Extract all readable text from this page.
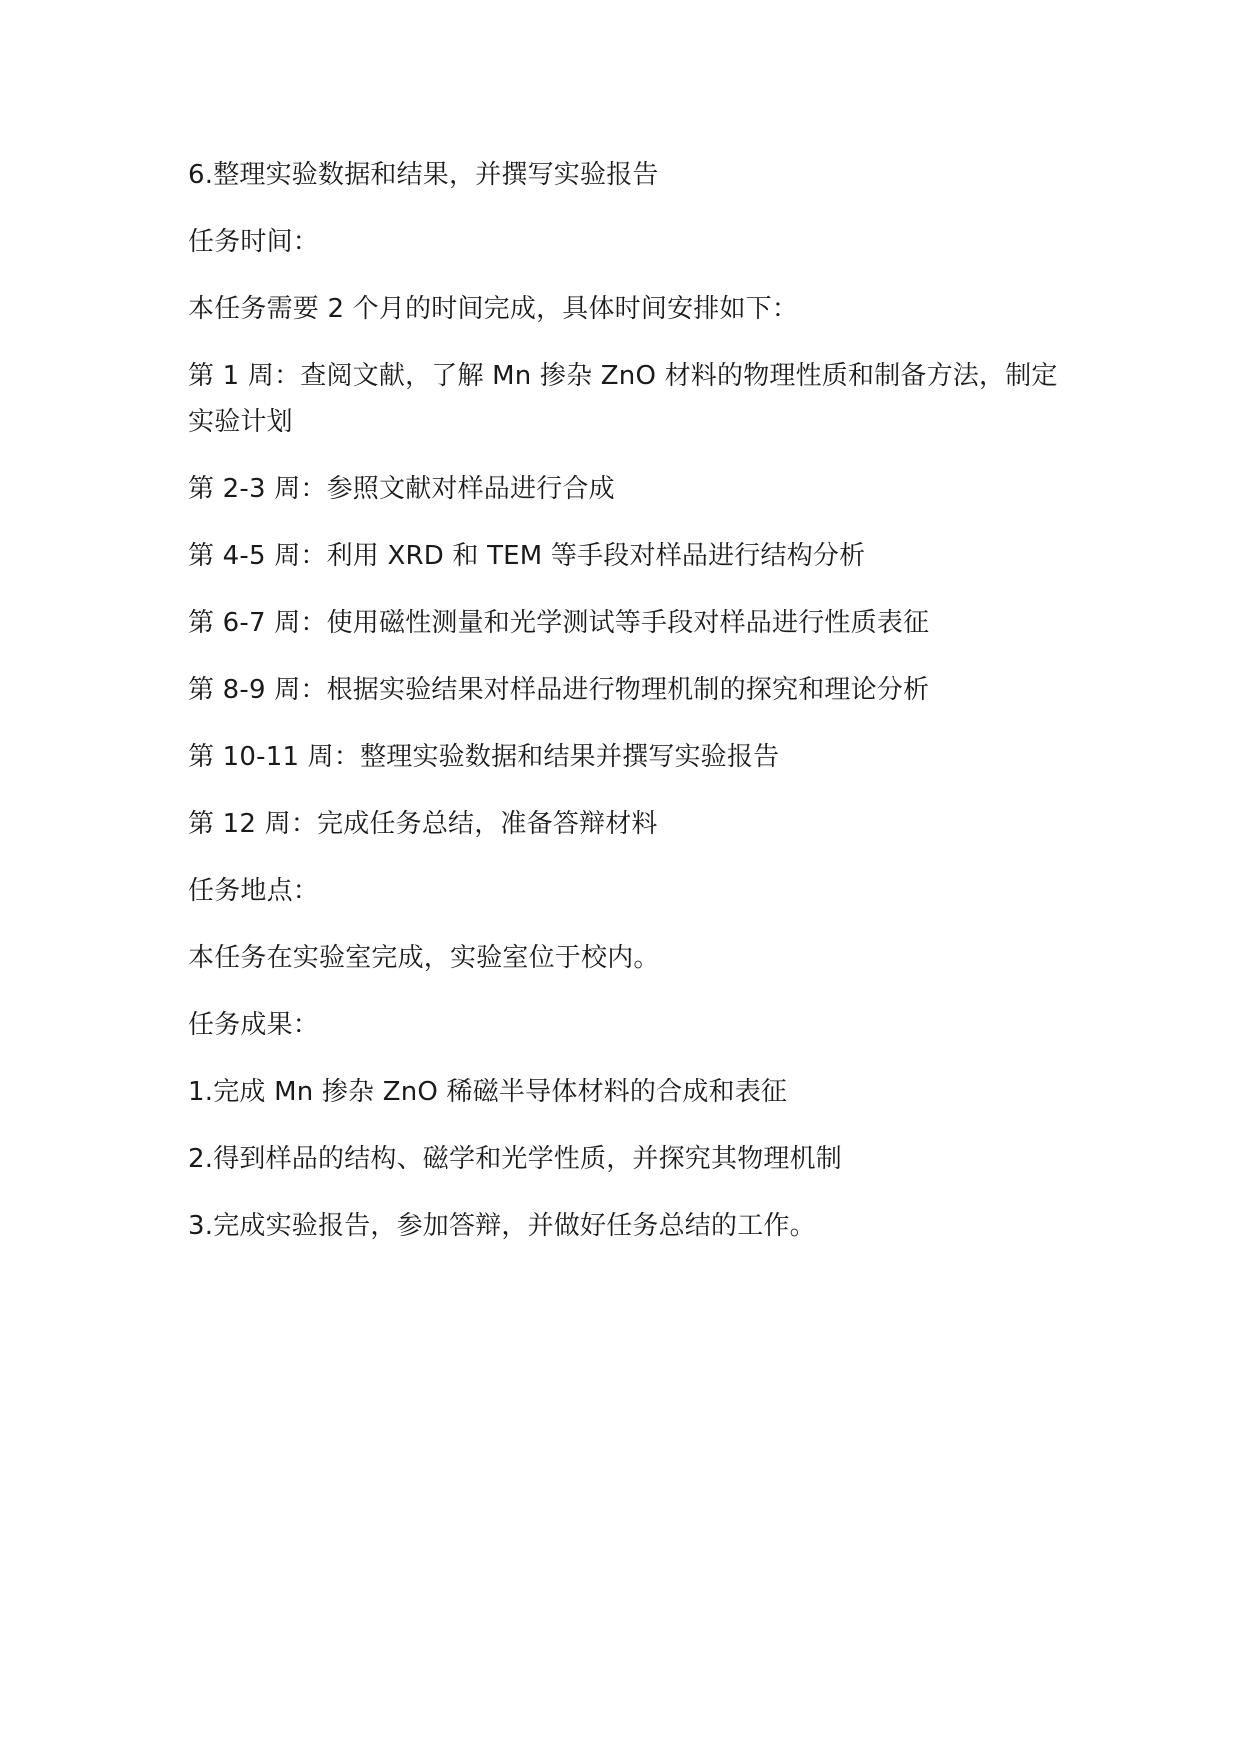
6.整理实验数据和结果，并撰写实验报告

任务时间：

本任务需要 2 个月的时间完成，具体时间安排如下：

第 1 周：查阅文献，了解 Mn 掺杂 ZnO 材料的物理性质和制备方法，制定实验计划

第 2-3 周：参照文献对样品进行合成

第 4-5 周：利用 XRD 和 TEM 等手段对样品进行结构分析

第 6-7 周：使用磁性测量和光学测试等手段对样品进行性质表征

第 8-9 周：根据实验结果对样品进行物理机制的探究和理论分析

第 10-11 周：整理实验数据和结果并撰写实验报告

第 12 周：完成任务总结，准备答辩材料

任务地点：

本任务在实验室完成，实验室位于校内。

任务成果：

1.完成 Mn 掺杂 ZnO 稀磁半导体材料的合成和表征

2.得到样品的结构、磁学和光学性质，并探究其物理机制

3.完成实验报告，参加答辩，并做好任务总结的工作。
